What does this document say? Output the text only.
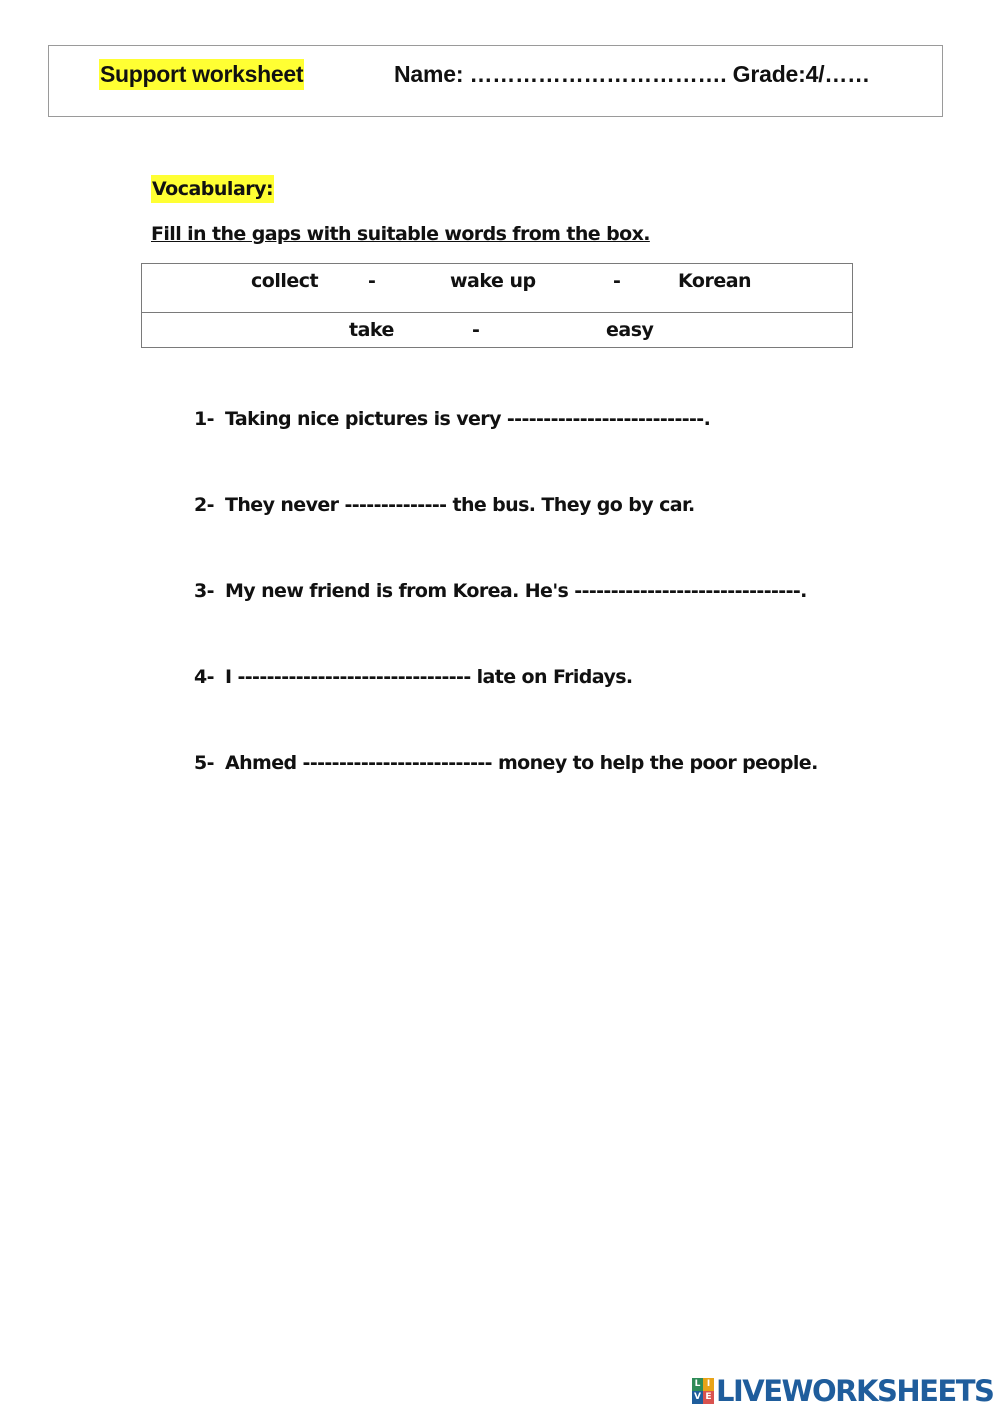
Support worksheet	Name: ……………………………. Grade:4/……
Vocabulary:
Fill in the gaps with suitable words from the box.
collect	-	wake up	-	Korean
take	-	easy
1- Taking nice pictures is very ---------------------------.
2- They never -------------- the bus. They go by car.
3- My new friend is from Korea. He's -------------------------------.
4- I -------------------------------- late on Fridays.
5- Ahmed -------------------------- money to help the poor people.
L I
V E LIVEWORKSHEETS
